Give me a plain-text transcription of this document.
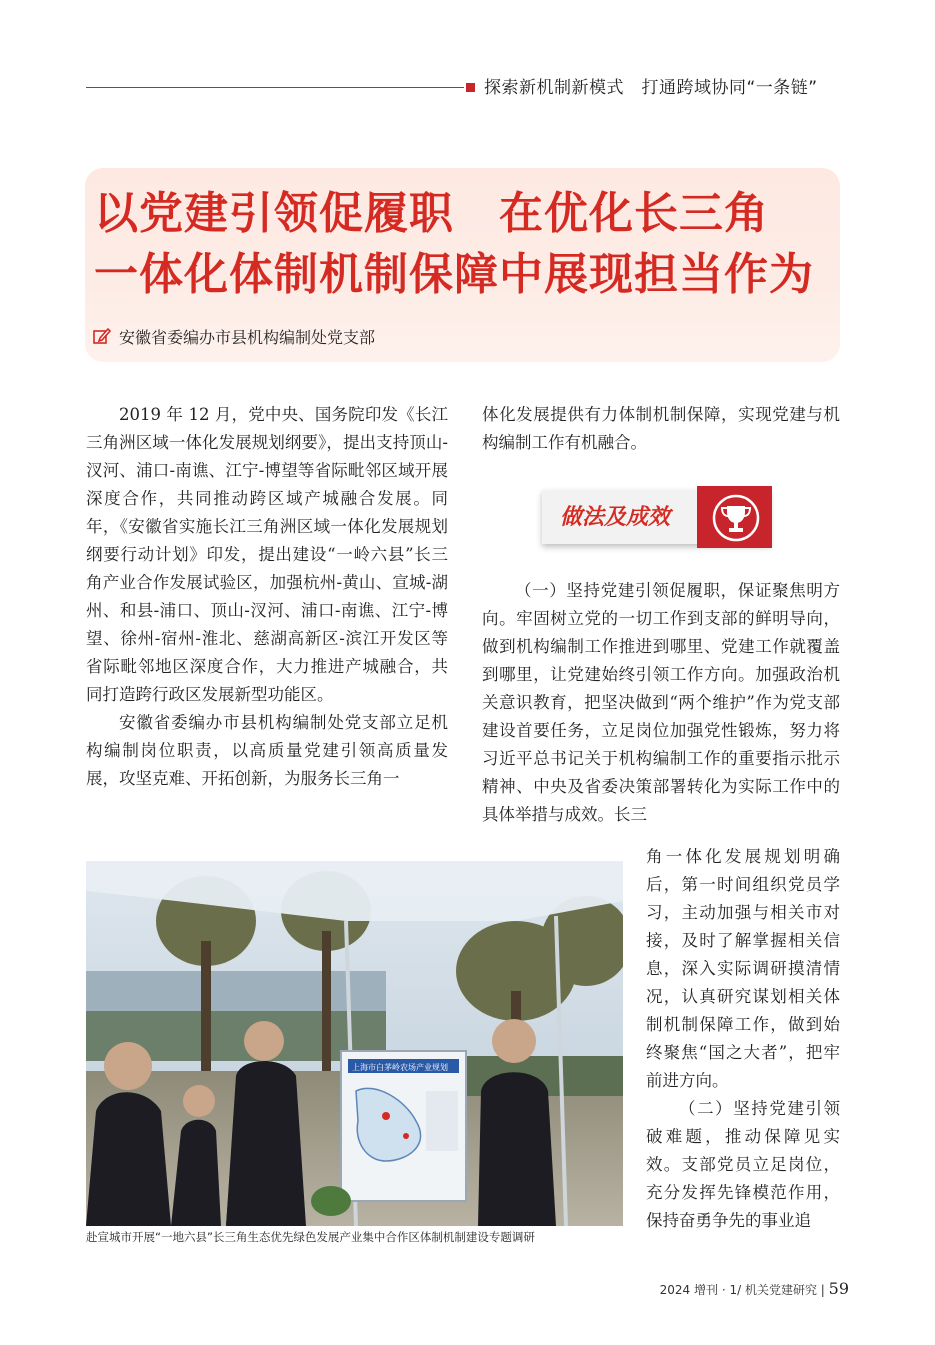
探索新机制新模式　打通跨域协同“一条链”
以党建引领促履职　在优化长三角
一体化体制机制保障中展现担当作为
安徽省委编办市县机构编制处党支部

2019 年 12 月，党中央、国务院印发《长江三角洲区域一体化发展规划纲要》，提出支持顶山-汊河、浦口-南谯、江宁-博望等省际毗邻区域开展深度合作，共同推动跨区域产城融合发展。同年，《安徽省实施长江三角洲区域一体化发展规划纲要行动计划》印发，提出建设“一岭六县”长三角产业合作发展试验区，加强杭州-黄山、宣城-湖州、和县-浦口、顶山-汊河、浦口-南谯、江宁-博望、徐州-宿州-淮北、慈湖高新区-滨江开发区等省际毗邻地区深度合作，大力推进产城融合，共同打造跨行政区发展新型功能区。

安徽省委编办市县机构编制处党支部立足机构编制岗位职责，以高质量党建引领高质量发展，攻坚克难、开拓创新，为服务长三角一

体化发展提供有力体制机制保障，实现党建与机构编制工作有机融合。

做法及成效

（一）坚持党建引领促履职，保证聚焦明方向。牢固树立党的一切工作到支部的鲜明导向，做到机构编制工作推进到哪里、党建工作就覆盖到哪里，让党建始终引领工作方向。加强政治机关意识教育，把坚决做到“两个维护”作为党支部建设首要任务，立足岗位加强党性锻炼，努力将习近平总书记关于机构编制工作的重要指示批示精神、中央及省委决策部署转化为实际工作中的具体举措与成效。长三

角一体化发展规划明确后，第一时间组织党员学习，主动加强与相关市对接，及时了解掌握相关信息，深入实际调研摸清情况，认真研究谋划相关体制机制保障工作，做到始终聚焦“国之大者”，把牢前进方向。

（二）坚持党建引领破难题，推动保障见实效。支部党员立足岗位，充分发挥先锋模范作用，保持奋勇争先的事业追

上海市白茅岭农场产业规划
赴宣城市开展“一地六县”长三角生态优先绿色发展产业集中合作区体制机制建设专题调研
2024 增刊 · 1/ 机关党建研究 | 59
